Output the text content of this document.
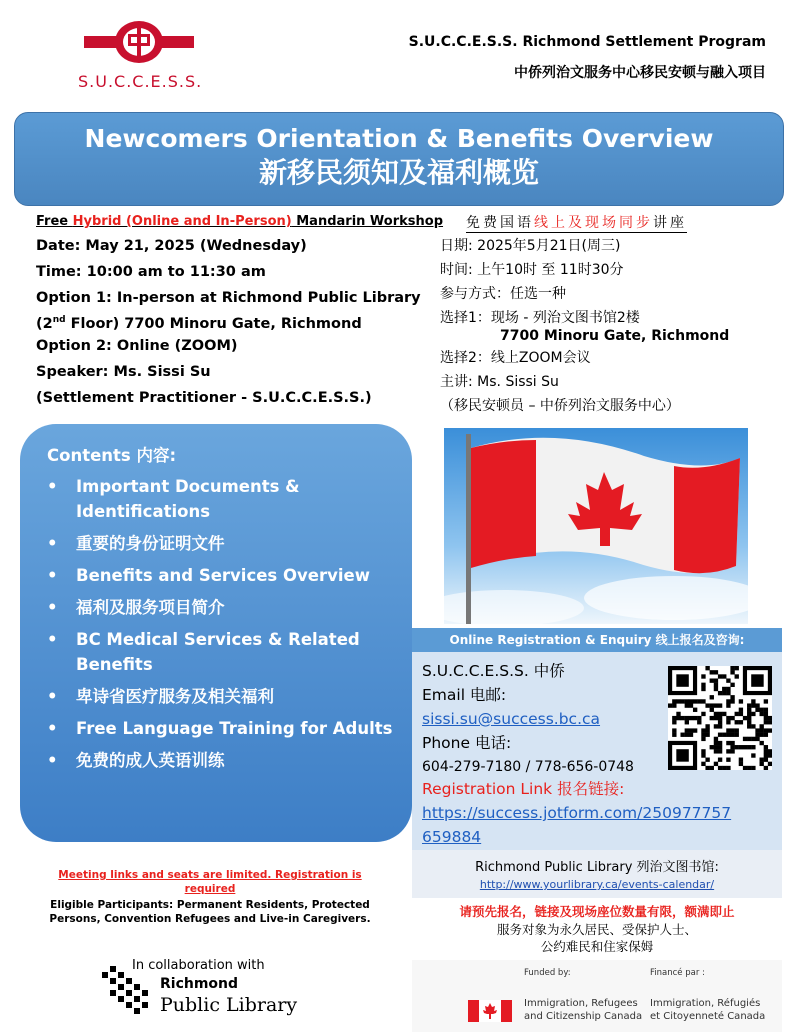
S.U.C.C.E.S.S.
S.U.C.C.E.S.S. Richmond Settlement Program
中侨列治文服务中心移民安顿与融入项目
Newcomers Orientation & Benefits Overview
新移民须知及福利概览
Free Hybrid (Online and In-Person) Mandarin Workshop
Date: May 21, 2025 (Wednesday)
Time: 10:00 am to 11:30 am
Option 1: In-person at Richmond Public Library
(2nd Floor) 7700 Minoru Gate, Richmond
Option 2: Online (ZOOM)
Speaker: Ms. Sissi Su
(Settlement Practitioner - S.U.C.C.E.S.S.)
免费国语线上及现场同步讲座
日期: 2025年5月21日(周三)
时间: 上午10时 至 11时30分
参与方式：任选一种
选择1：现场 - 列治文图书馆2楼
7700 Minoru Gate, Richmond
选择2：线上ZOOM会议
主讲: Ms. Sissi Su
（移民安顿员 – 中侨列治文服务中心）
Contents 内容:
• Important Documents & Identifications
• 重要的身份证明文件
• Benefits and Services Overview
• 福利及服务项目简介
• BC Medical Services & Related Benefits
• 卑诗省医疗服务及相关福利
• Free Language Training for Adults
• 免费的成人英语训练
Online Registration & Enquiry 线上报名及咨询:
S.U.C.C.E.S.S. 中侨
Email 电邮:
sissi.su@success.bc.ca
Phone 电话:
604-279-7180 / 778-656-0748
Registration Link 报名链接:
https://success.jotform.com/250977757
659884
Richmond Public Library 列治文图书馆:
http://www.yourlibrary.ca/events-calendar/
Meeting links and seats are limited. Registration is required
Eligible Participants: Permanent Residents, Protected Persons, Convention Refugees and Live-in Caregivers.
In collaboration with
Richmond
Public Library
请预先报名，链接及现场座位数量有限，额满即止
服务对象为永久居民、受保护人士、
公约难民和住家保姆
Funded by:	Financé par :
Immigration, Refugees
and Citizenship Canada
Immigration, Réfugiés
et Citoyenneté Canada
